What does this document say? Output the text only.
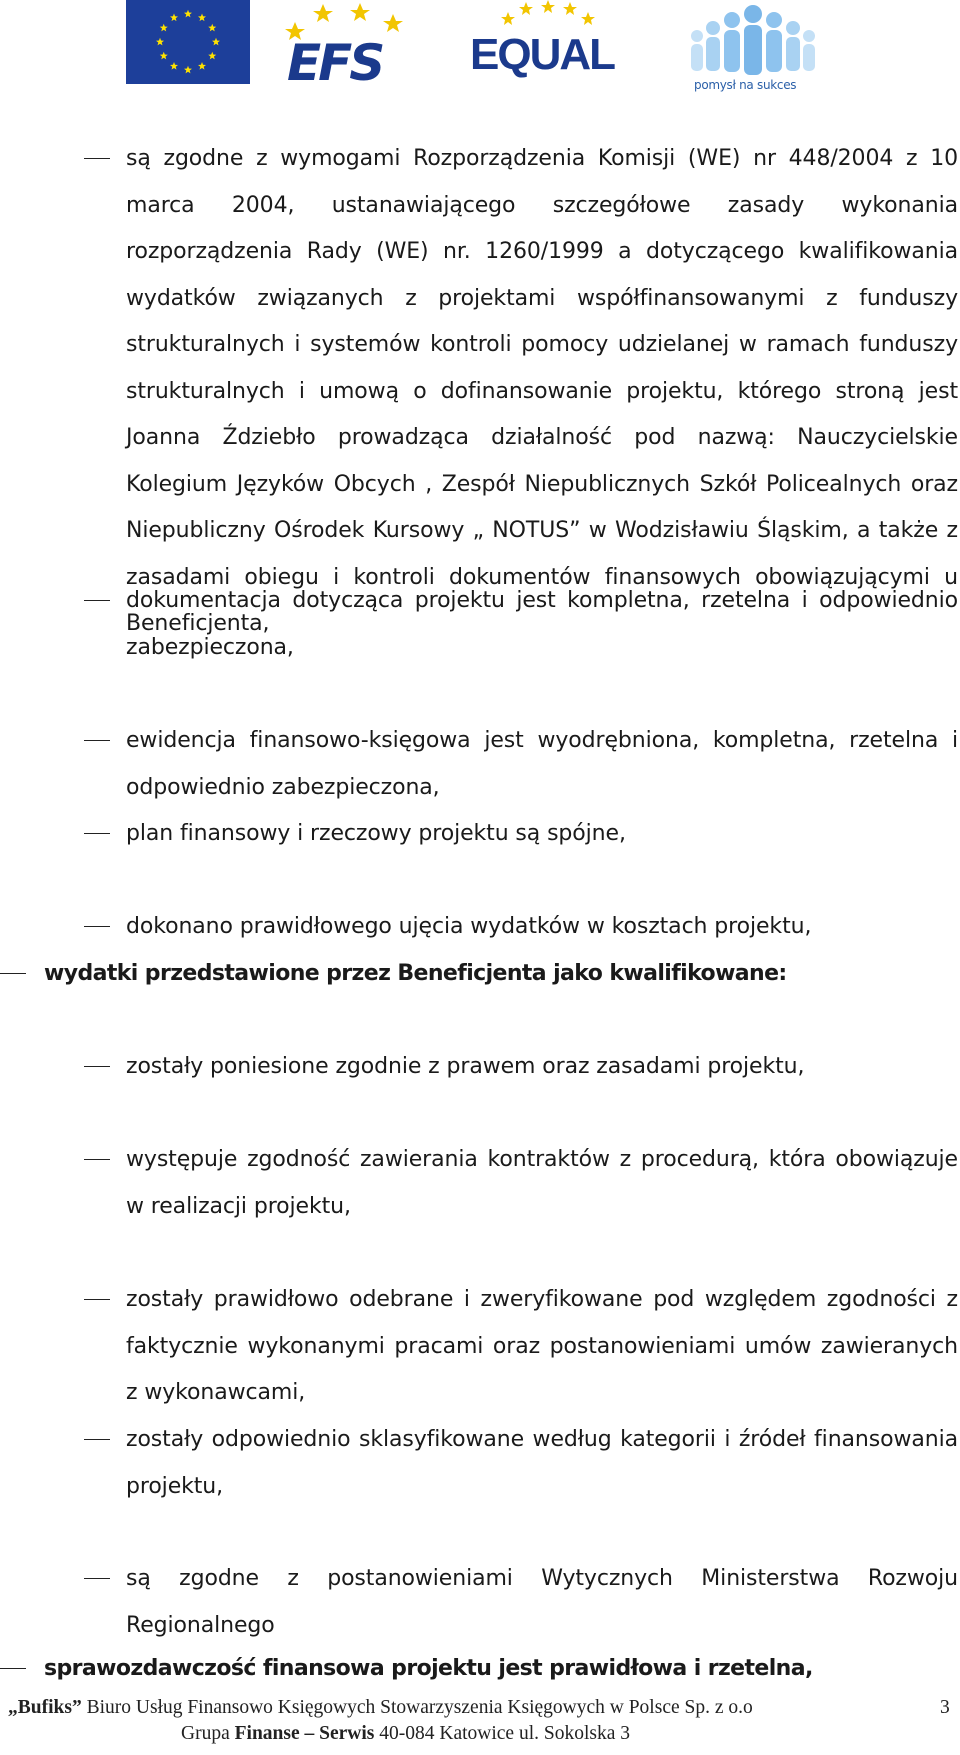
EFS EQUAL
pomysł na sukces
są zgodne z wymogami Rozporządzenia Komisji (WE) nr 448/2004 z 10 marca 2004, ustanawiającego szczegółowe zasady wykonania rozporządzenia Rady (WE) nr. 1260/1999 a dotyczącego kwalifikowania wydatków związanych z projektami współfinansowanymi z funduszy strukturalnych i systemów kontroli pomocy udzielanej w ramach funduszy strukturalnych i umową o dofinansowanie projektu, którego stroną jest Joanna Ździebło prowadząca działalność pod nazwą: Nauczycielskie Kolegium Języków Obcych , Zespół Niepublicznych Szkół Policealnych oraz Niepubliczny Ośrodek Kursowy „ NOTUS” w Wodzisławiu Śląskim, a także z zasadami obiegu i kontroli dokumentów finansowych obowiązującymi u Beneficjenta,
dokumentacja dotycząca projektu jest kompletna, rzetelna i odpowiednio zabezpieczona,
ewidencja finansowo-księgowa jest wyodrębniona, kompletna, rzetelna i odpowiednio zabezpieczona,
plan finansowy i rzeczowy projektu są spójne,
dokonano prawidłowego ujęcia wydatków w kosztach projektu,
wydatki przedstawione przez Beneficjenta jako kwalifikowane:
zostały poniesione zgodnie z prawem oraz zasadami projektu,
występuje zgodność zawierania kontraktów z procedurą, która obowiązuje w realizacji projektu,
zostały prawidłowo odebrane i zweryfikowane pod względem zgodności z faktycznie wykonanymi pracami oraz postanowieniami umów zawieranych z wykonawcami,
zostały odpowiednio sklasyfikowane według kategorii i źródeł finansowania projektu,
są zgodne z postanowieniami Wytycznych Ministerstwa Rozwoju Regionalnego
sprawozdawczość finansowa projektu jest prawidłowa i rzetelna,
„Bufiks” Biuro Usług Finansowo Księgowych Stowarzyszenia Księgowych w Polsce Sp. z o.o
Grupa Finanse – Serwis 40-084 Katowice ul. Sokolska 3
3
